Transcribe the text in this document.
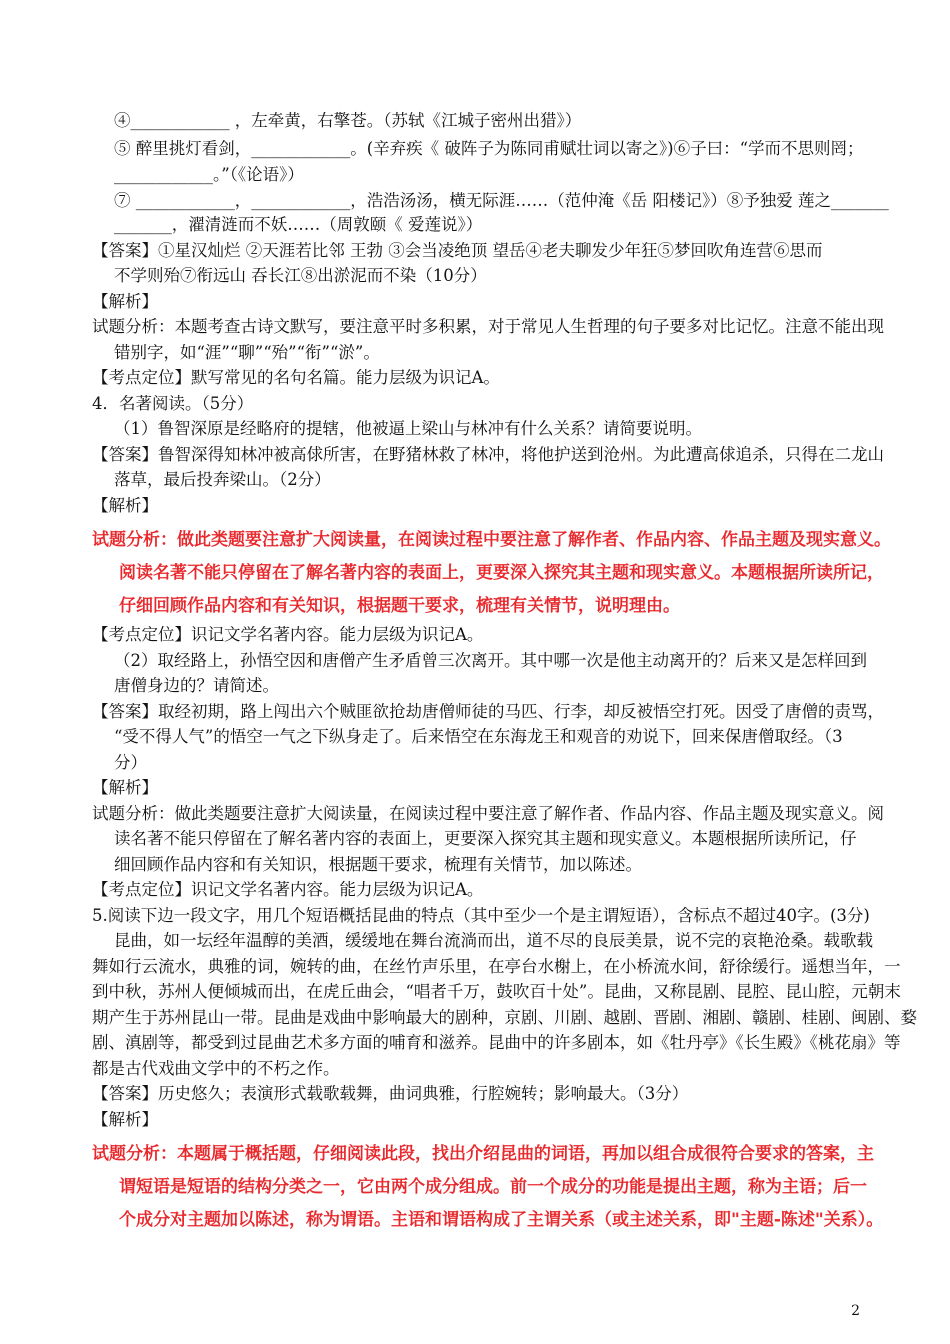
④____________ ，左牵黄，右擎苍。（苏轼《江城子密州出猎》）
⑤ 醉里挑灯看剑，____________。(辛弃疾《 破阵子为陈同甫赋壮词以寄之》)⑥子曰：“学而不思则罔；
____________。”（《论语》）
⑦ ____________，____________，浩浩汤汤，横无际涯……（范仲淹《岳 阳楼记》）⑧予独爱 莲之_______
_______，濯清涟而不妖……（周敦颐《 爱莲说》）
【答案】①星汉灿烂 ②天涯若比邻 王勃 ③会当凌绝顶 望岳④老夫聊发少年狂⑤梦回吹角连营⑥思而
不学则殆⑦衔远山 吞长江⑧出淤泥而不染（10分）
【解析】
试题分析：本题考查古诗文默写，要注意平时多积累，对于常见人生哲理的句子要多对比记忆。注意不能出现
错别字，如“涯”“聊”“殆”“衔”“淤”。
【考点定位】默写常见的名句名篇。能力层级为识记A。
4．名著阅读。（5分）
（1）鲁智深原是经略府的提辖，他被逼上梁山与林冲有什么关系？请简要说明。
【答案】鲁智深得知林冲被高俅所害，在野猪林救了林冲，将他护送到沧州。为此遭高俅追杀，只得在二龙山
落草，最后投奔梁山。（2分）
【解析】
试题分析：做此类题要注意扩大阅读量，在阅读过程中要注意了解作者、作品内容、作品主题及现实意义。
阅读名著不能只停留在了解名著内容的表面上，更要深入探究其主题和现实意义。本题根据所读所记，
仔细回顾作品内容和有关知识，根据题干要求，梳理有关情节，说明理由。
【考点定位】识记文学名著内容。能力层级为识记A。
（2）取经路上，孙悟空因和唐僧产生矛盾曾三次离开。其中哪一次是他主动离开的？后来又是怎样回到
唐僧身边的？请简述。
【答案】取经初期，路上闯出六个贼匪欲抢劫唐僧师徒的马匹、行李，却反被悟空打死。因受了唐僧的责骂，
“受不得人气”的悟空一气之下纵身走了。后来悟空在东海龙王和观音的劝说下，回来保唐僧取经。（3
分）
【解析】
试题分析：做此类题要注意扩大阅读量，在阅读过程中要注意了解作者、作品内容、作品主题及现实意义。阅
读名著不能只停留在了解名著内容的表面上，更要深入探究其主题和现实意义。本题根据所读所记，仔
细回顾作品内容和有关知识，根据题干要求，梳理有关情节，加以陈述。
【考点定位】识记文学名著内容。能力层级为识记A。
5.阅读下边一段文字，用几个短语概括昆曲的特点（其中至少一个是主谓短语），含标点不超过40字。(3分)
昆曲，如一坛经年温醇的美酒，缓缓地在舞台流淌而出，道不尽的良辰美景，说不完的哀艳沧桑。载歌载
舞如行云流水，典雅的词，婉转的曲，在丝竹声乐里，在亭台水榭上，在小桥流水间，舒徐缓行。遥想当年，一
到中秋，苏州人便倾城而出，在虎丘曲会，“唱者千万，鼓吹百十处”。昆曲，又称昆剧、昆腔、昆山腔，元朝末
期产生于苏州昆山一带。昆曲是戏曲中影响最大的剧种，京剧、川剧、越剧、晋剧、湘剧、赣剧、桂剧、闽剧、婺
剧、滇剧等，都受到过昆曲艺术多方面的哺育和滋养。昆曲中的许多剧本，如《牡丹亭》《长生殿》《桃花扇》等
都是古代戏曲文学中的不朽之作。
【答案】历史悠久；表演形式载歌载舞，曲词典雅，行腔婉转；影响最大。（3分）
【解析】
试题分析：本题属于概括题，仔细阅读此段，找出介绍昆曲的词语，再加以组合成很符合要求的答案，主
谓短语是短语的结构分类之一，它由两个成分组成。前一个成分的功能是提出主题，称为主语；后一
个成分对主题加以陈述，称为谓语。主语和谓语构成了主谓关系（或主述关系，即"主题-陈述"关系）。
2
